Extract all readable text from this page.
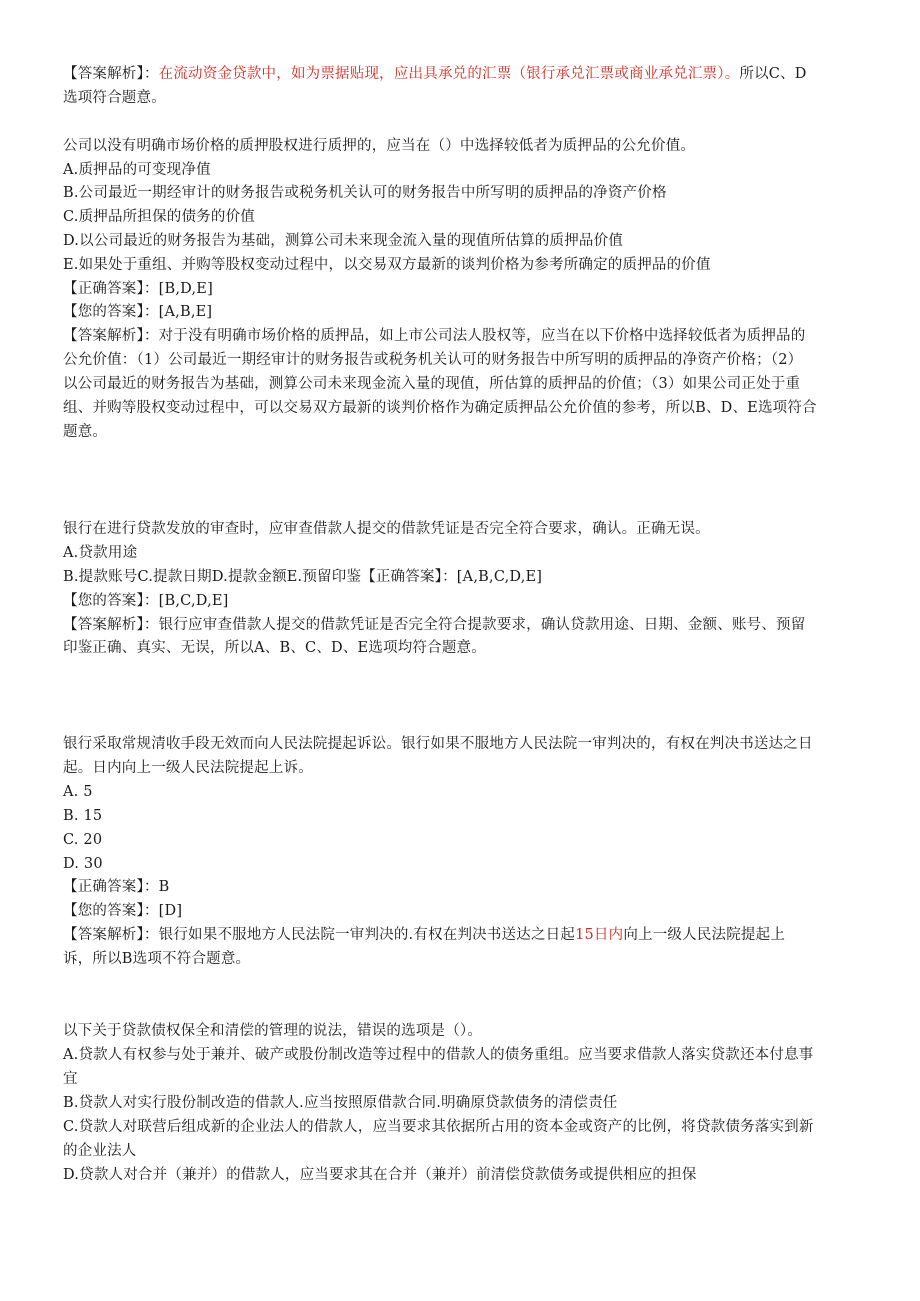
【答案解析】：在流动资金贷款中，如为票据贴现，应出具承兑的汇票（银行承兑汇票或商业承兑汇票）。所以C、D
选项符合题意。
公司以没有明确市场价格的质押股权进行质押的，应当在（）中选择较低者为质押品的公允价值。
A.质押品的可变现净值
B.公司最近一期经审计的财务报告或税务机关认可的财务报告中所写明的质押品的净资产价格
C.质押品所担保的债务的价值
D.以公司最近的财务报告为基础，测算公司未来现金流入量的现值所估算的质押品价值
E.如果处于重组、并购等股权变动过程中，以交易双方最新的谈判价格为参考所确定的质押品的价值
【正确答案】：[B,D,E]
【您的答案】：[A,B,E]
【答案解析】：对于没有明确市场价格的质押品，如上市公司法人股权等，应当在以下价格中选择较低者为质押品的
公允价值：（1）公司最近一期经审计的财务报告或税务机关认可的财务报告中所写明的质押品的净资产价格；（2）
以公司最近的财务报告为基础，测算公司未来现金流入量的现值，所估算的质押品的价值；（3）如果公司正处于重
组、并购等股权变动过程中，可以交易双方最新的谈判价格作为确定质押品公允价值的参考，所以B、D、E选项符合
题意。
银行在进行贷款发放的审查时，应审查借款人提交的借款凭证是否完全符合要求，确认。正确无误。
A.贷款用途
B.提款账号C.提款日期D.提款金额E.预留印鉴【正确答案】：[A,B,C,D,E]
【您的答案】：[B,C,D,E]
【答案解析】：银行应审查借款人提交的借款凭证是否完全符合提款要求，确认贷款用途、日期、金额、账号、预留
印鉴正确、真实、无误，所以A、B、C、D、E选项均符合题意。
银行采取常规清收手段无效而向人民法院提起诉讼。银行如果不服地方人民法院一审判决的，有权在判决书送达之日
起。日内向上一级人民法院提起上诉。
A. 5
B. 15
C. 20
D. 30
【正确答案】：B
【您的答案】：[D]
【答案解析】：银行如果不服地方人民法院一审判决的.有权在判决书送达之日起15日内向上一级人民法院提起上
诉，所以B选项不符合题意。
以下关于贷款债权保全和清偿的管理的说法，错误的选项是（）。
A.贷款人有权参与处于兼并、破产或股份制改造等过程中的借款人的债务重组。应当要求借款人落实贷款还本付息事
宜
B.贷款人对实行股份制改造的借款人.应当按照原借款合同.明确原贷款债务的清偿责任
C.贷款人对联营后组成新的企业法人的借款人，应当要求其依据所占用的资本金或资产的比例，将贷款债务落实到新
的企业法人
D.贷款人对合并（兼并）的借款人，应当要求其在合并（兼并）前清偿贷款债务或提供相应的担保
